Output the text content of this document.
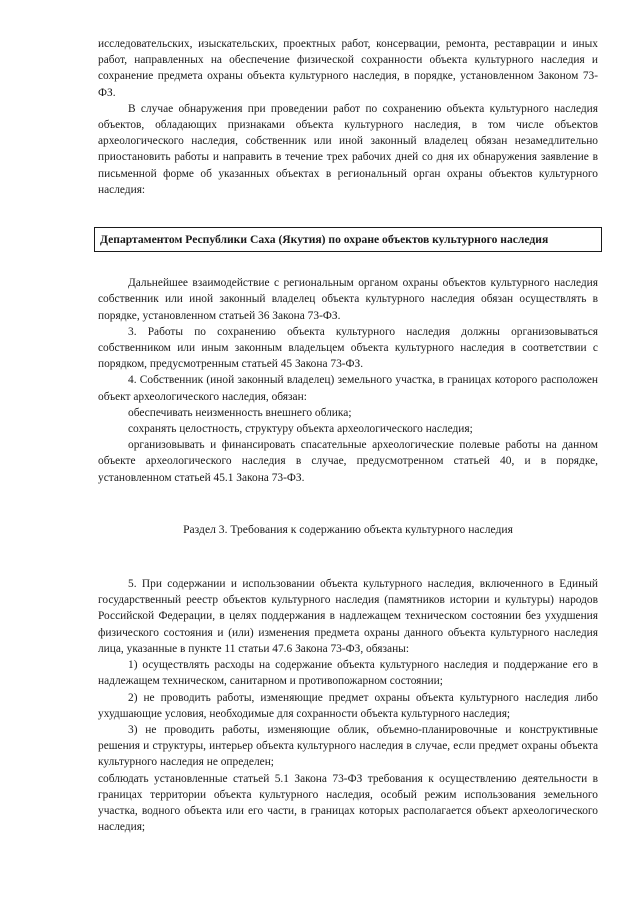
исследовательских, изыскательских, проектных работ, консервации, ремонта, реставрации и иных работ, направленных на обеспечение физической сохранности объекта культурного наследия и сохранение предмета охраны объекта культурного наследия, в порядке, установленном Законом 73-ФЗ.

В случае обнаружения при проведении работ по сохранению объекта культурного наследия объектов, обладающих признаками объекта культурного наследия, в том числе объектов археологического наследия, собственник или иной законный владелец обязан незамедлительно приостановить работы и направить в течение трех рабочих дней со дня их обнаружения заявление в письменной форме об указанных объектах в региональный орган охраны объектов культурного наследия:

Департаментом Республики Саха (Якутия) по охране объектов культурного наследия

Дальнейшее взаимодействие с региональным органом охраны объектов культурного наследия собственник или иной законный владелец объекта культурного наследия обязан осуществлять в порядке, установленном статьей 36 Закона 73-ФЗ.

3. Работы по сохранению объекта культурного наследия должны организовываться собственником или иным законным владельцем объекта культурного наследия в соответствии с порядком, предусмотренным статьей 45 Закона 73-ФЗ.

4. Собственник (иной законный владелец) земельного участка, в границах которого расположен объект археологического наследия, обязан:

обеспечивать неизменность внешнего облика;

сохранять целостность, структуру объекта археологического наследия;

организовывать и финансировать спасательные археологические полевые работы на данном объекте археологического наследия в случае, предусмотренном статьей 40, и в порядке, установленном статьей 45.1 Закона 73-ФЗ.

Раздел 3. Требования к содержанию объекта культурного наследия

5. При содержании и использовании объекта культурного наследия, включенного в Единый государственный реестр объектов культурного наследия (памятников истории и культуры) народов Российской Федерации, в целях поддержания в надлежащем техническом состоянии без ухудшения физического состояния и (или) изменения предмета охраны данного объекта культурного наследия лица, указанные в пункте 11 статьи 47.6 Закона 73-ФЗ, обязаны:

1) осуществлять расходы на содержание объекта культурного наследия и поддержание его в надлежащем техническом, санитарном и противопожарном состоянии;

2) не проводить работы, изменяющие предмет охраны объекта культурного наследия либо ухудшающие условия, необходимые для сохранности объекта культурного наследия;

3) не проводить работы, изменяющие облик, объемно-планировочные и конструктивные решения и структуры, интерьер объекта культурного наследия в случае, если предмет охраны объекта культурного наследия не определен;

соблюдать установленные статьей 5.1 Закона 73-ФЗ требования к осуществлению деятельности в границах территории объекта культурного наследия, особый режим использования земельного участка, водного объекта или его части, в границах которых располагается объект археологического наследия;
